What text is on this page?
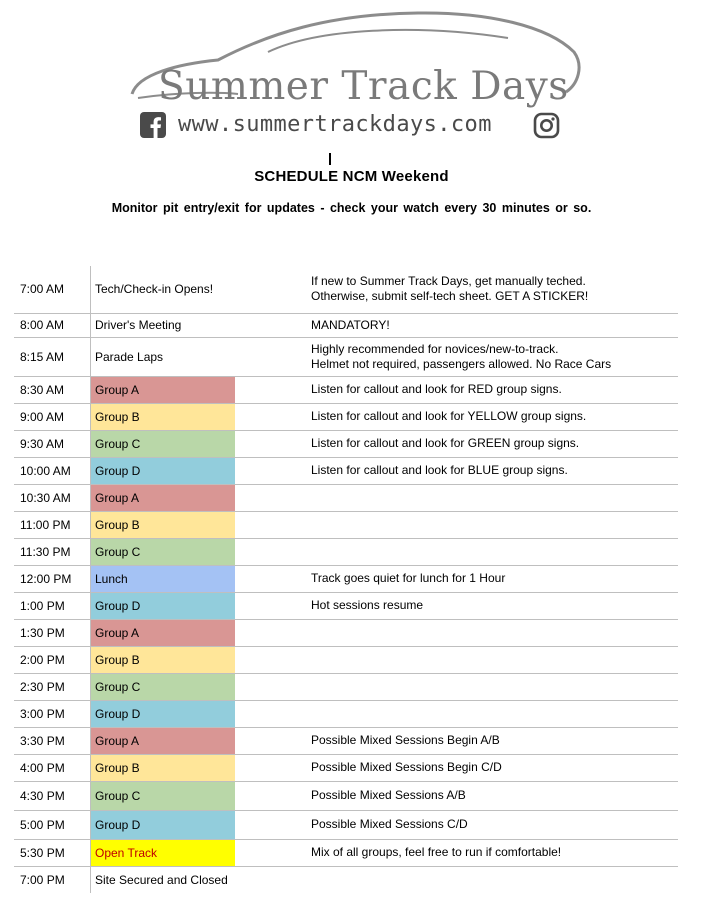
Summer Track Days
www.summertrackdays.com
SCHEDULE NCM Weekend
Monitor pit entry/exit for updates - check your watch every 30 minutes or so.
7:00 AM	Tech/Check-in Opens!		If new to Summer Track Days, get manually teched.
Otherwise, submit self-tech sheet. GET A STICKER!
8:00 AM	Driver's Meeting		MANDATORY!
8:15 AM	Parade Laps		Highly recommended for novices/new-to-track.
Helmet not required, passengers allowed. No Race Cars
8:30 AM	Group A		Listen for callout and look for RED group signs.
9:00 AM	Group B		Listen for callout and look for YELLOW group signs.
9:30 AM	Group C		Listen for callout and look for GREEN group signs.
10:00 AM	Group D		Listen for callout and look for BLUE group signs.
10:30 AM	Group A		
11:00 PM	Group B		
11:30 PM	Group C		
12:00 PM	Lunch		Track goes quiet for lunch for 1 Hour
1:00 PM	Group D		Hot sessions resume
1:30 PM	Group A		
2:00 PM	Group B		
2:30 PM	Group C		
3:00 PM	Group D		
3:30 PM	Group A		Possible Mixed Sessions Begin A/B
4:00 PM	Group B		Possible Mixed Sessions Begin C/D
4:30 PM	Group C		Possible Mixed Sessions A/B
5:00 PM	Group D		Possible Mixed Sessions C/D
5:30 PM	Open Track		Mix of all groups, feel free to run if comfortable!
7:00 PM	Site Secured and Closed		
